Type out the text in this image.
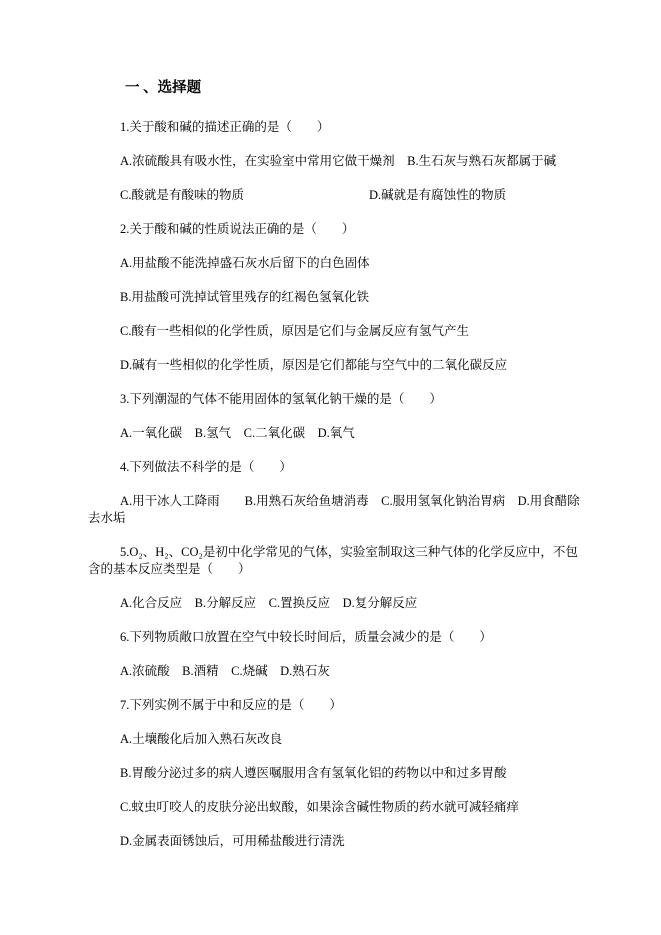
一 、选择题

1.关于酸和碱的描述正确的是（　　）

A.浓硫酸具有吸水性，在实验室中常用它做干燥剂　B.生石灰与熟石灰都属于碱

C.酸就是有酸味的物质　　　　　　　　　　D.碱就是有腐蚀性的物质

2.关于酸和碱的性质说法正确的是（　　）

A.用盐酸不能洗掉盛石灰水后留下的白色固体

B.用盐酸可洗掉试管里残存的红褐色氢氧化铁

C.酸有一些相似的化学性质，原因是它们与金属反应有氢气产生

D.碱有一些相似的化学性质，原因是它们都能与空气中的二氧化碳反应

3.下列潮湿的气体不能用固体的氢氧化钠干燥的是（　　）

A.一氧化碳　B.氢气　C.二氧化碳　D.氧气

4.下列做法不科学的是（　　）

A.用干冰人工降雨　　B.用熟石灰给鱼塘消毒　C.服用氢氧化钠治胃病　D.用食醋除去水垢

5.O₂、H₂、CO₂是初中化学常见的气体，实验室制取这三种气体的化学反应中，不包含的基本反应类型是（　　）

A.化合反应　B.分解反应　C.置换反应　D.复分解反应

6.下列物质敞口放置在空气中较长时间后，质量会减少的是（　　）

A.浓硫酸　B.酒精　C.烧碱　D.熟石灰

7.下列实例不属于中和反应的是（　　）

A.土壤酸化后加入熟石灰改良

B.胃酸分泌过多的病人遵医嘱服用含有氢氧化铝的药物以中和过多胃酸

C.蚊虫叮咬人的皮肤分泌出蚁酸，如果涂含碱性物质的药水就可减轻痛痒

D.金属表面锈蚀后，可用稀盐酸进行清洗
